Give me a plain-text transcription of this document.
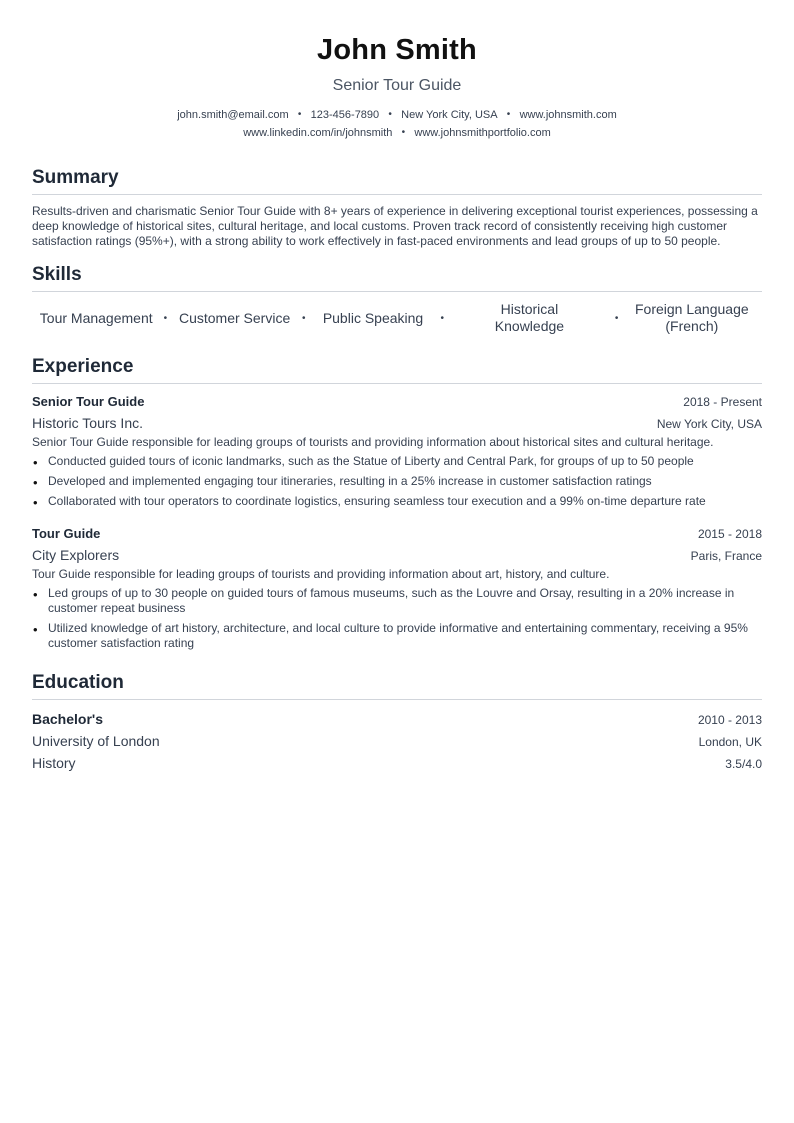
John Smith
Senior Tour Guide
john.smith@email.com • 123-456-7890 • New York City, USA • www.johnsmith.com
www.linkedin.com/in/johnsmith • www.johnsmithportfolio.com
Summary
Results-driven and charismatic Senior Tour Guide with 8+ years of experience in delivering exceptional tourist experiences, possessing a deep knowledge of historical sites, cultural heritage, and local customs. Proven track record of consistently receiving high customer satisfaction ratings (95%+), with a strong ability to work effectively in fast-paced environments and lead groups of up to 50 people.
Skills
Tour Management	• Customer Service	•	Public Speaking	•
Historical Knowledge	•
Foreign Language (French)
Experience
Senior Tour Guide	2018 - Present
Historic Tours Inc.	New York City, USA
Senior Tour Guide responsible for leading groups of tourists and providing information about historical sites and cultural heritage.
• Conducted guided tours of iconic landmarks, such as the Statue of Liberty and Central Park, for groups of up to 50 people
• Developed and implemented engaging tour itineraries, resulting in a 25% increase in customer satisfaction ratings
• Collaborated with tour operators to coordinate logistics, ensuring seamless tour execution and a 99% on-time departure rate
Tour Guide	2015 - 2018
City Explorers	Paris, France
Tour Guide responsible for leading groups of tourists and providing information about art, history, and culture.
• Led groups of up to 30 people on guided tours of famous museums, such as the Louvre and Orsay, resulting in a 20% increase in customer repeat business
• Utilized knowledge of art history, architecture, and local culture to provide informative and entertaining commentary, receiving a 95% customer satisfaction rating
Education
Bachelor's	2010 - 2013
University of London	London, UK
History	3.5/4.0
